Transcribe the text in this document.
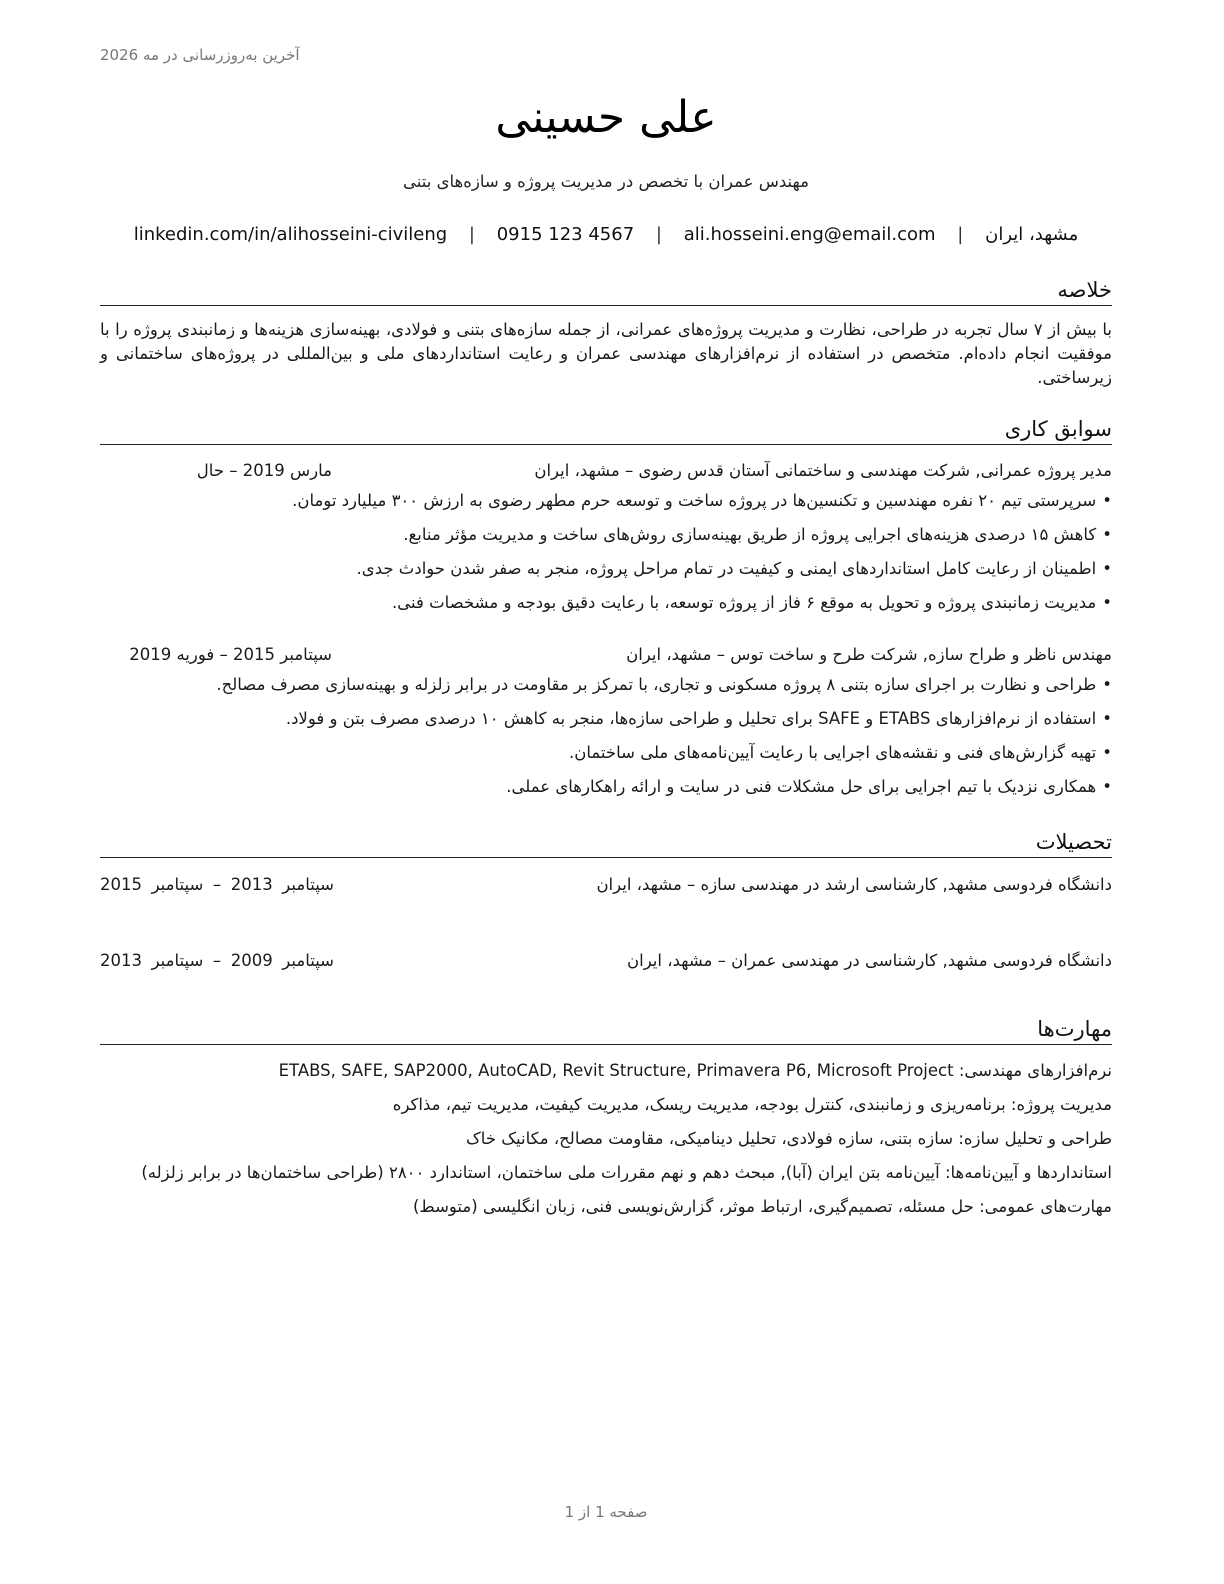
آخرین به‌روزرسانی در مه 2026
علی حسینی
مهندس عمران با تخصص در مدیریت پروژه و سازه‌های بتنی
مشهد، ایران | ali.hosseini.eng@email.com | 0915 123 4567 | linkedin.com/in/alihosseini-civileng
خلاصه
با بیش از ۷ سال تجربه در طراحی، نظارت و مدیریت پروژه‌های عمرانی، از جمله سازه‌های بتنی و فولادی، بهینه‌سازی هزینه‌ها و زمانبندی پروژه را با موفقیت انجام داده‌ام. متخصص در استفاده از نرم‌افزارهای مهندسی عمران و رعایت استانداردهای ملی و بین‌المللی در پروژه‌های ساختمانی و زیرساختی.
سوابق کاری
مدیر پروژه عمرانی, شرکت مهندسی و ساختمانی آستان قدس رضوی – مشهد، ایران
مارس 2019 – حال
•سرپرستی تیم ۲۰ نفره مهندسین و تکنسین‌ها در پروژه ساخت و توسعه حرم مطهر رضوی به ارزش ۳۰۰ میلیارد تومان.
•کاهش ۱۵ درصدی هزینه‌های اجرایی پروژه از طریق بهینه‌سازی روش‌های ساخت و مدیریت مؤثر منابع.
•اطمینان از رعایت کامل استانداردهای ایمنی و کیفیت در تمام مراحل پروژه، منجر به صفر شدن حوادث جدی.
•مدیریت زمانبندی پروژه و تحویل به موقع ۶ فاز از پروژه توسعه، با رعایت دقیق بودجه و مشخصات فنی.
مهندس ناظر و طراح سازه, شرکت طرح و ساخت توس – مشهد، ایران
سپتامبر 2015 – فوریه 2019
•طراحی و نظارت بر اجرای سازه بتنی ۸ پروژه مسکونی و تجاری، با تمرکز بر مقاومت در برابر زلزله و بهینه‌سازی مصرف مصالح.
•استفاده از نرم‌افزارهای ETABS و SAFE برای تحلیل و طراحی سازه‌ها، منجر به کاهش ۱۰ درصدی مصرف بتن و فولاد.
•تهیه گزارش‌های فنی و نقشه‌های اجرایی با رعایت آیین‌نامه‌های ملی ساختمان.
•همکاری نزدیک با تیم اجرایی برای حل مشکلات فنی در سایت و ارائه راهکارهای عملی.
تحصیلات
دانشگاه فردوسی مشهد, کارشناسی ارشد در مهندسی سازه – مشهد، ایران
سپتامبر 2013 – سپتامبر 2015
دانشگاه فردوسی مشهد, کارشناسی در مهندسی عمران – مشهد، ایران
سپتامبر 2009 – سپتامبر 2013
مهارت‌ها
نرم‌افزارهای مهندسی: ETABS, SAFE, SAP2000, AutoCAD, Revit Structure, Primavera P6, Microsoft Project
مدیریت پروژه: برنامه‌ریزی و زمانبندی، کنترل بودجه، مدیریت ریسک، مدیریت کیفیت، مدیریت تیم، مذاکره
طراحی و تحلیل سازه: سازه بتنی، سازه فولادی، تحلیل دینامیکی، مقاومت مصالح، مکانیک خاک
استانداردها و آیین‌نامه‌ها: آیین‌نامه بتن ایران (آبا), مبحث دهم و نهم مقررات ملی ساختمان، استاندارد ۲۸۰۰ (طراحی ساختمان‌ها در برابر زلزله)
مهارت‌های عمومی: حل مسئله، تصمیم‌گیری، ارتباط موثر، گزارش‌نویسی فنی، زبان انگلیسی (متوسط)
صفحه 1 از 1
